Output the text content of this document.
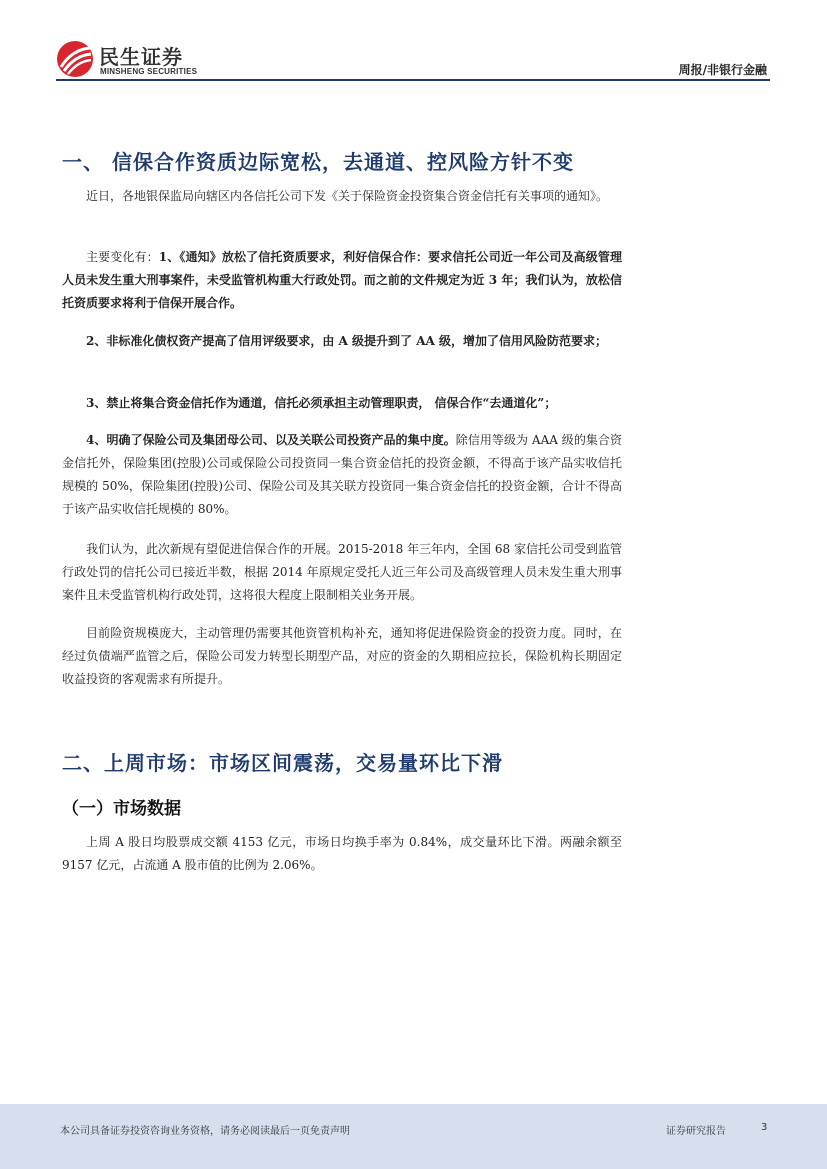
民生证券
MINSHENG SECURITIES	周报/非银行金融
一、 信保合作资质边际宽松，去通道、控风险方针不变
近日，各地银保监局向辖区内各信托公司下发《关于保险资金投资集合资金信托有关事项的通知》。
主要变化有：1、《通知》放松了信托资质要求，利好信保合作：要求信托公司近一年公司及高级管理人员未发生重大刑事案件，未受监管机构重大行政处罚。而之前的文件规定为近 3 年；我们认为，放松信托资质要求将利于信保开展合作。
2、非标准化债权资产提高了信用评级要求，由 A 级提升到了 AA 级，增加了信用风险防范要求；
3、禁止将集合资金信托作为通道，信托必须承担主动管理职责， 信保合作“去通道化”；
4、明确了保险公司及集团母公司、以及关联公司投资产品的集中度。除信用等级为 AAA 级的集合资金信托外，保险集团(控股)公司或保险公司投资同一集合资金信托的投资金额，不得高于该产品实收信托规模的 50%，保险集团(控股)公司、保险公司及其关联方投资同一集合资金信托的投资金额，合计不得高于该产品实收信托规模的 80%。
我们认为，此次新规有望促进信保合作的开展。2015-2018 年三年内，全国 68 家信托公司受到监管行政处罚的信托公司已接近半数，根据 2014 年原规定受托人近三年公司及高级管理人员未发生重大刑事案件且未受监管机构行政处罚，这将很大程度上限制相关业务开展。
目前险资规模庞大，主动管理仍需要其他资管机构补充，通知将促进保险资金的投资力度。同时，在经过负债端严监管之后，保险公司发力转型长期型产品，对应的资金的久期相应拉长，保险机构长期固定收益投资的客观需求有所提升。
二、上周市场：市场区间震荡，交易量环比下滑
（一）市场数据
上周 A 股日均股票成交额 4153 亿元，市场日均换手率为 0.84%，成交量环比下滑。两融余额至 9157 亿元，占流通 A 股市值的比例为 2.06%。
本公司具备证券投资咨询业务资格，请务必阅读最后一页免责声明	证券研究报告	3
